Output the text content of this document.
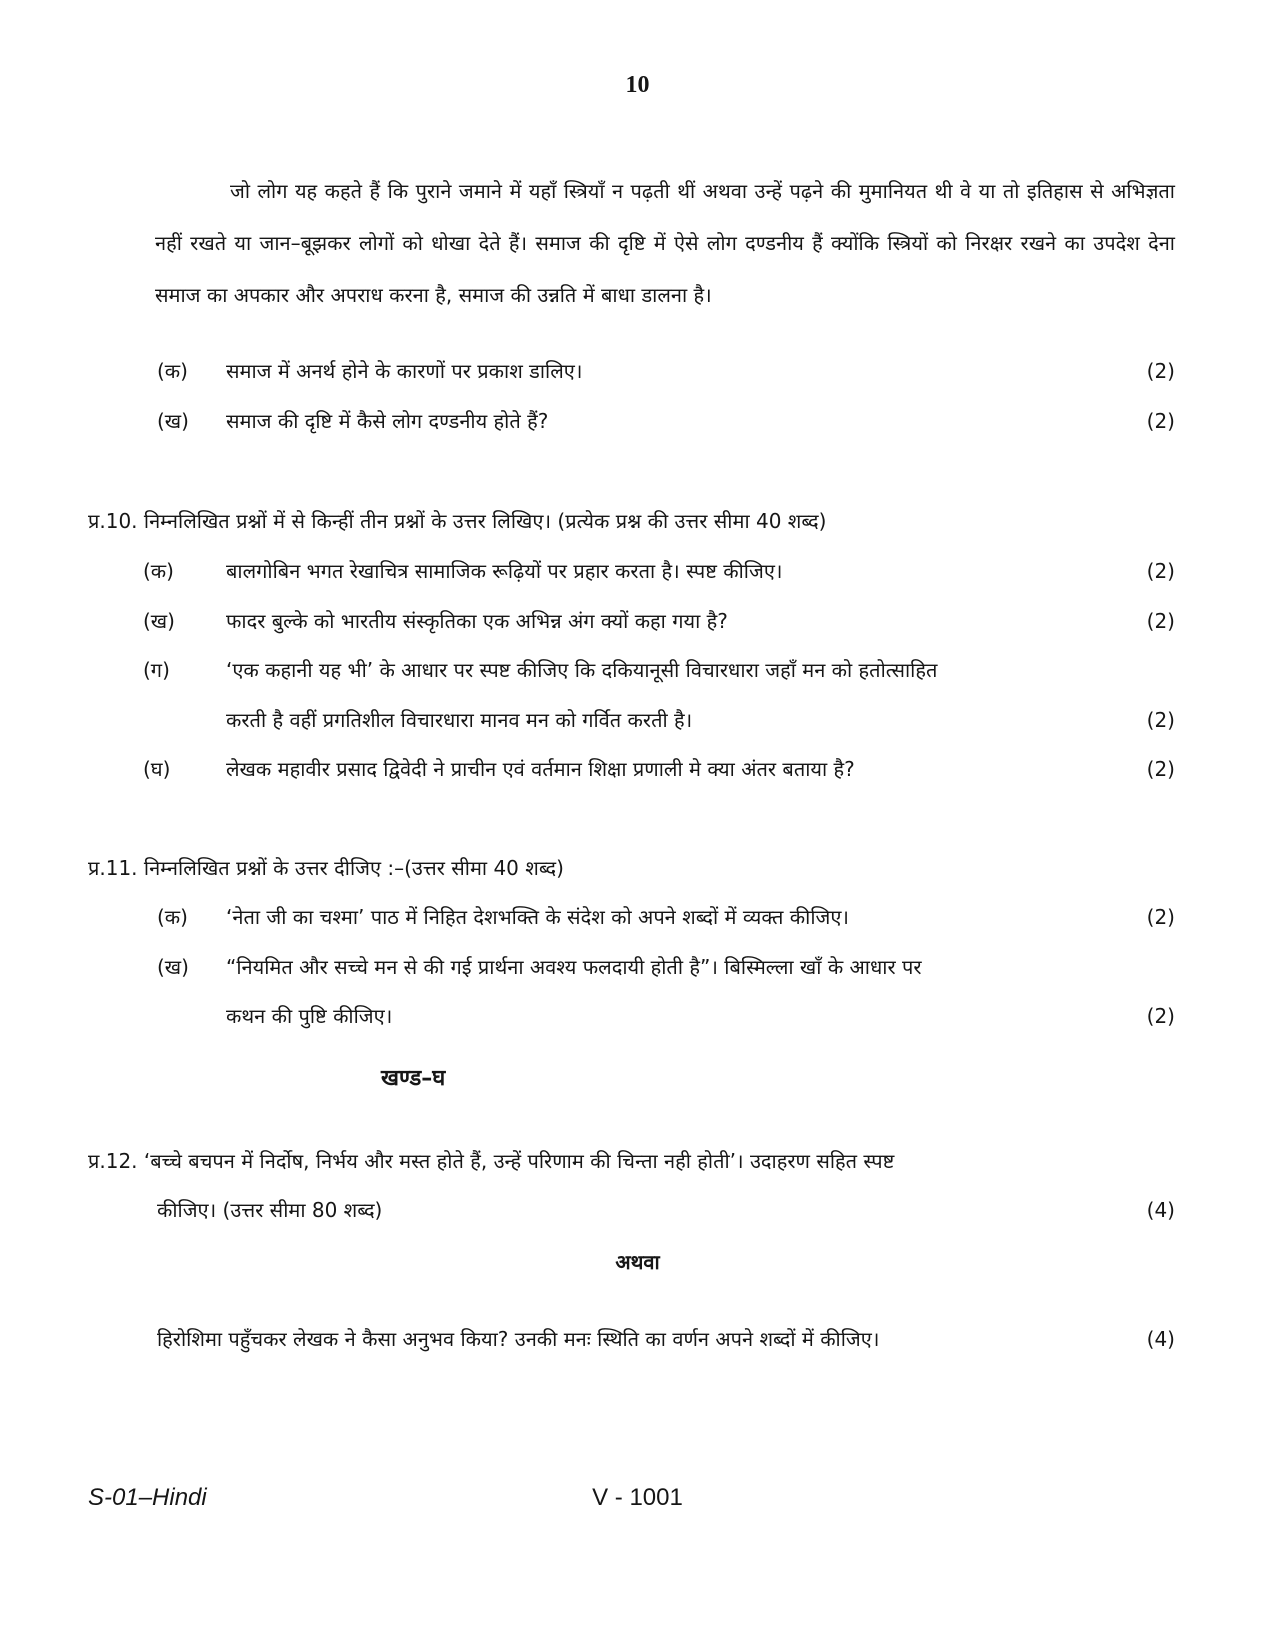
10

जो लोग यह कहते हैं कि पुराने जमाने में यहाँ स्त्रियाँ न पढ़ती थीं अथवा उन्हें पढ़ने की मुमानियत थी वे या तो इतिहास से अभिज्ञता नहीं रखते या जान–बूझकर लोगों को धोखा देते हैं। समाज की दृष्टि में ऐसे लोग दण्डनीय हैं क्योंकि स्त्रियों को निरक्षर रखने का उपदेश देना समाज का अपकार और अपराध करना है, समाज की उन्नति में बाधा डालना है।

(क) समाज में अनर्थ होने के कारणों पर प्रकाश डालिए।	(2)
(ख) समाज की दृष्टि में कैसे लोग दण्डनीय होते हैं?	(2)
प्र.10. निम्नलिखित प्रश्नों में से किन्हीं तीन प्रश्नों के उत्तर लिखिए। (प्रत्येक प्रश्न की उत्तर सीमा 40 शब्द)
(क)	बालगोबिन भगत रेखाचित्र सामाजिक रूढ़ियों पर प्रहार करता है। स्पष्ट कीजिए।	(2)
(ख)	फादर बुल्के को भारतीय संस्कृतिका एक अभिन्न अंग क्यों कहा गया है?	(2)
(ग)	‘एक कहानी यह भी’ के आधार पर स्पष्ट कीजिए कि दकियानूसी विचारधारा जहाँ मन को हतोत्साहित
करती है वहीं प्रगतिशील विचारधारा मानव मन को गर्वित करती है।	(2)
(घ)	लेखक महावीर प्रसाद द्विवेदी ने प्राचीन एवं वर्तमान शिक्षा प्रणाली मे क्या अंतर बताया है?	(2)
प्र.11. निम्नलिखित प्रश्नों के उत्तर दीजिए :–(उत्तर सीमा 40 शब्द)
(क) ‘नेता जी का चश्मा’ पाठ में निहित देशभक्ति के संदेश को अपने शब्दों में व्यक्त कीजिए।	(2)
(ख) “नियमित और सच्चे मन से की गई प्रार्थना अवश्य फलदायी होती है”। बिस्मिल्ला खाँ के आधार पर
कथन की पुष्टि कीजिए।	(2)
खण्ड–घ
प्र.12. ‘बच्चे बचपन में निर्दोष, निर्भय और मस्त होते हैं, उन्हें परिणाम की चिन्ता नही होती’। उदाहरण सहित स्पष्ट
कीजिए। (उत्तर सीमा 80 शब्द)	(4)
अथवा
हिरोशिमा पहुँचकर लेखक ने कैसा अनुभव किया? उनकी मनः स्थिति का वर्णन अपने शब्दों में कीजिए।	(4)
S-01–Hindi	V - 1001
